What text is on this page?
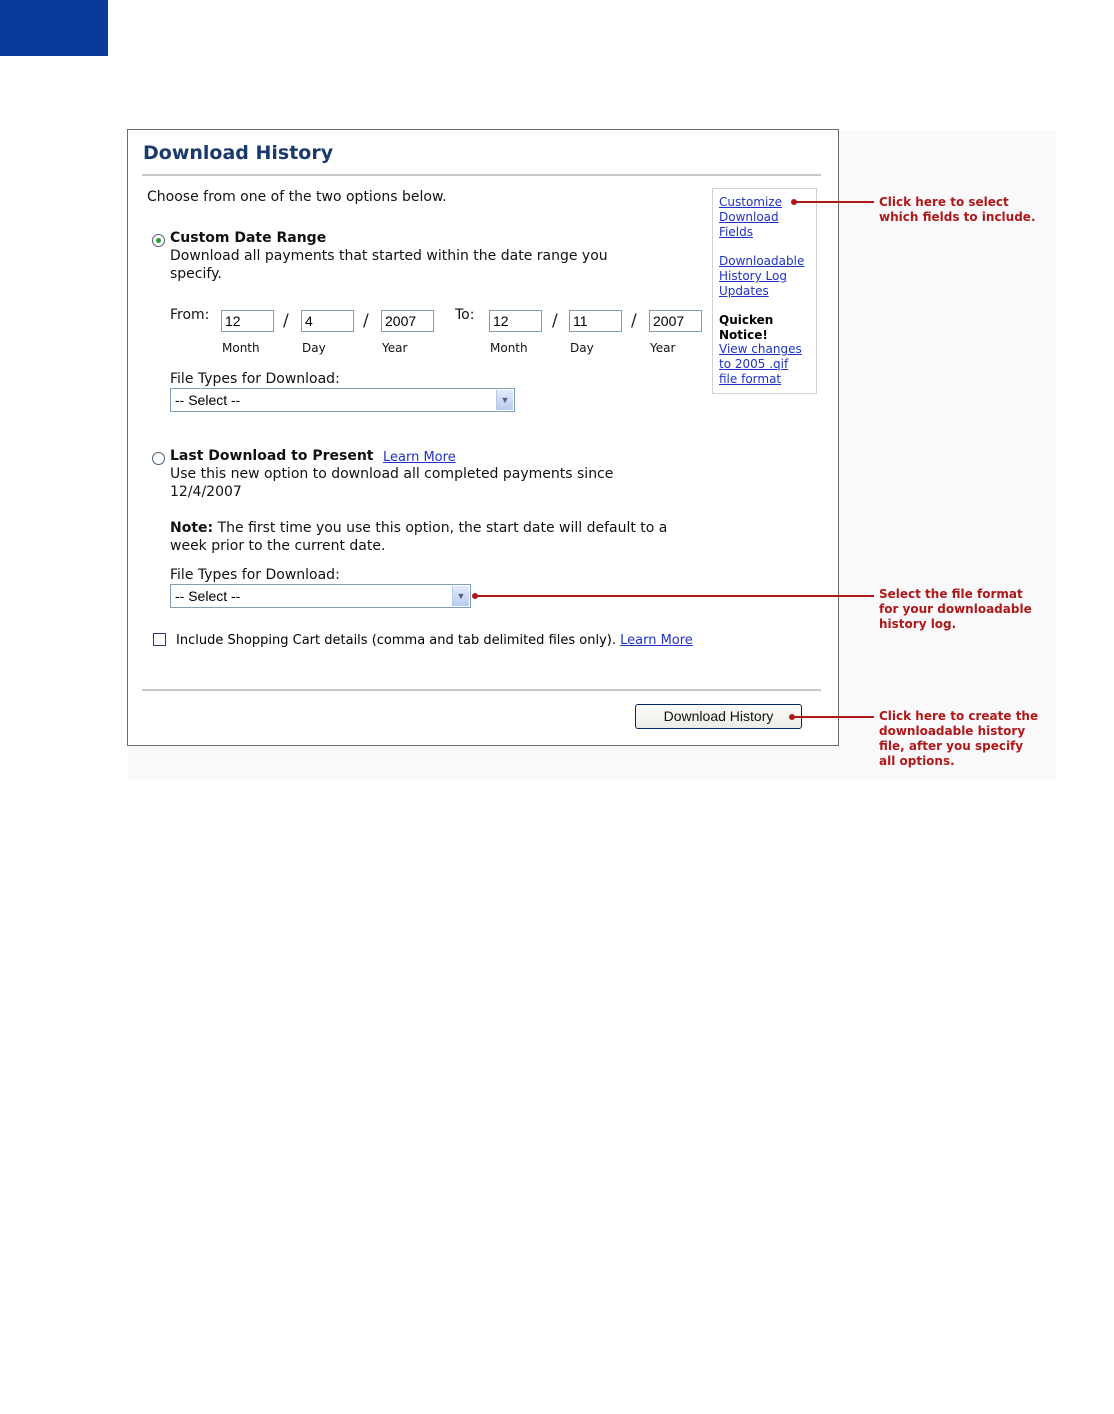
Download History
Choose from one of the two options below.
Custom Date Range
Download all payments that started within the date range you
specify.
From: 12	/ 4	/ 2007	To: 12	/ 11	/ 2007
Month	Day	Year	Month	Day	Year
File Types for Download:
-- Select --	▼
Last Download to Present Learn More
Use this new option to download all completed payments since
12/4/2007
Note: The first time you use this option, the start date will default to a
week prior to the current date.
File Types for Download:
-- Select --	▼
Include Shopping Cart details (comma and tab delimited files only). Learn More
Download History
Customize
Download
Fields
Downloadable
History Log
Updates
Quicken
Notice!
View changes
to 2005 .qif
file format
Click here to select
which fields to include.
Select the file format
for your downloadable
history log.
Click here to create the
downloadable history
file, after you specify
all options.
